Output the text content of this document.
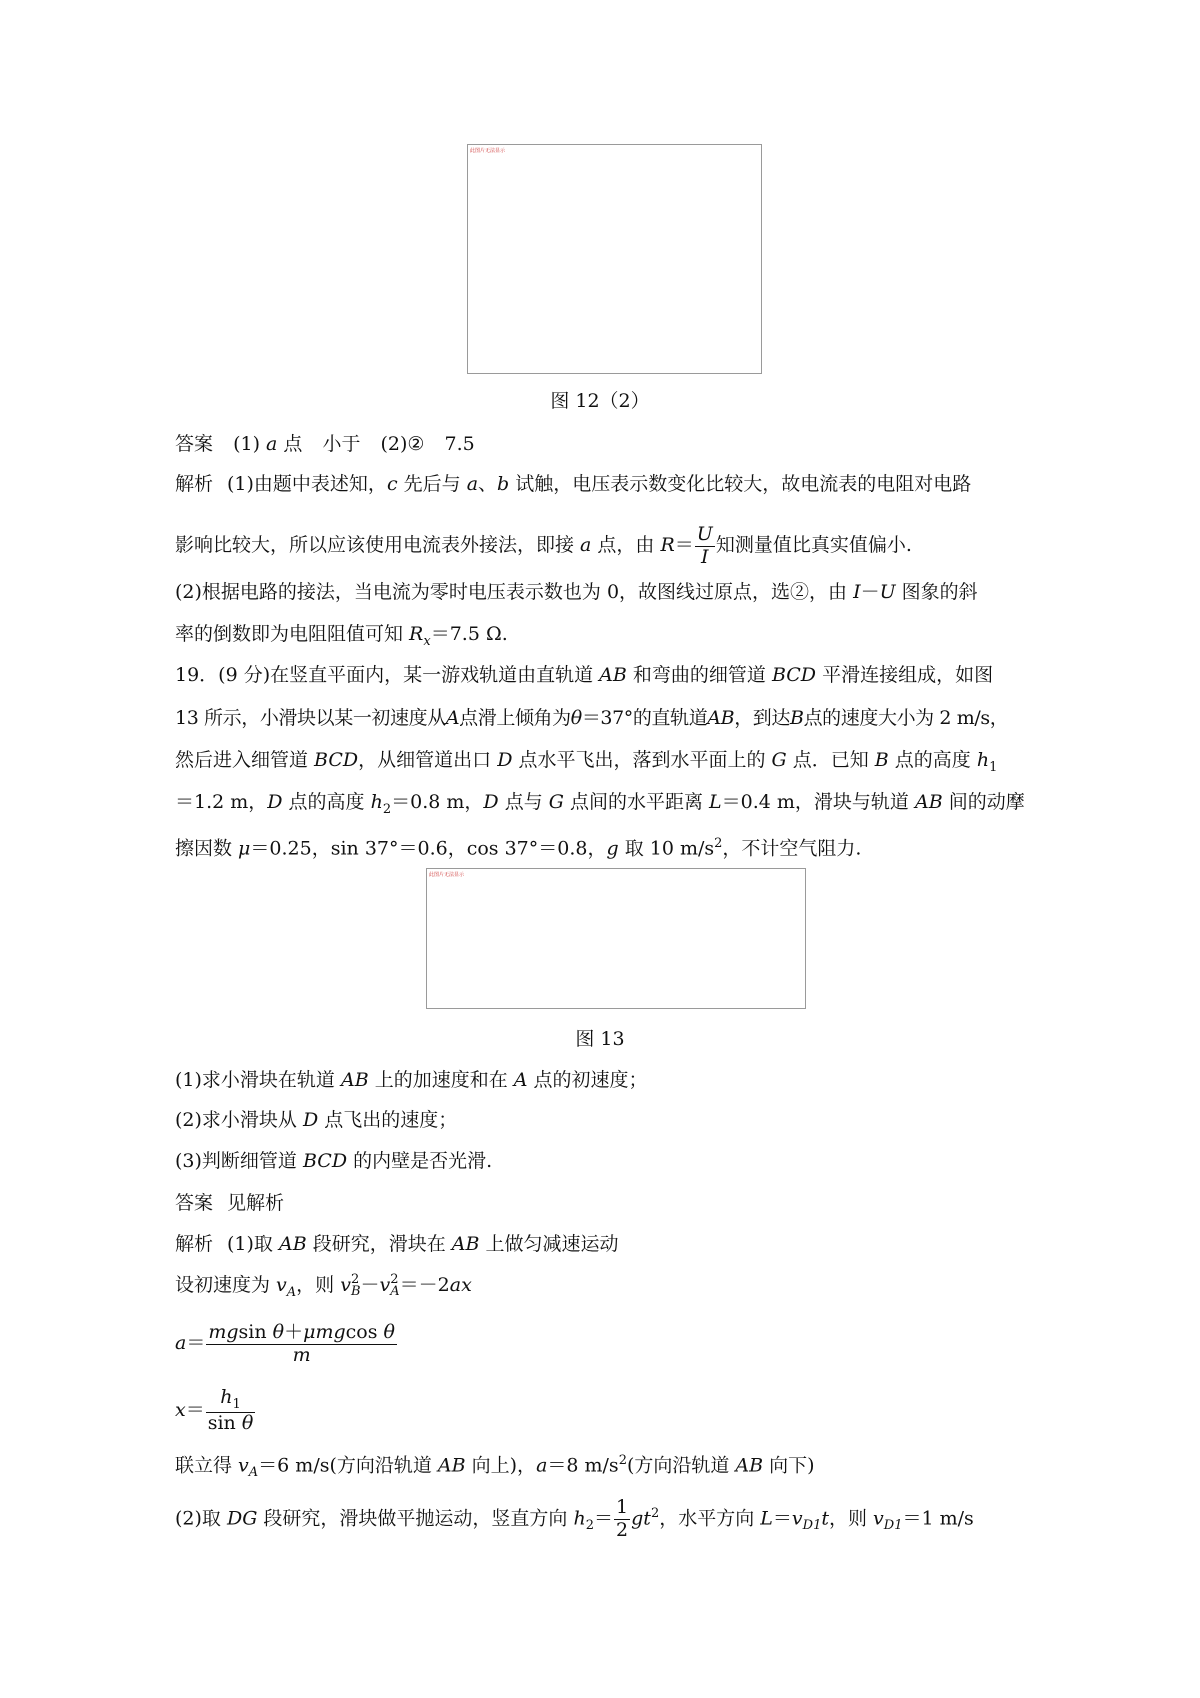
此图片无法显示
图 12（2）
答案 (1) a 点 小于 (2)② 7.5
解析 (1)由题中表述知，c 先后与 a、b 试触，电压表示数变化比较大，故电流表的电阻对电路
影响比较大，所以应该使用电流表外接法，即接 a 点，由 $R= \frac{U}{I}$ 知测量值比真实值偏小.
(2)根据电路的接法，当电流为零时电压表示数也为 0，故图线过原点，选②，由 I－U 图象的斜
率的倒数即为电阻阻值可知 $R_x=7.5$ Ω.
19．(9 分)在竖直平面内，某一游戏轨道由直轨道 AB 和弯曲的细管道 BCD 平滑连接组成，如图
13 所示，小滑块以某一初速度从A点滑上倾角为θ＝37°的直轨道AB，到达B点的速度大小为 2 m/s，
然后进入细管道 BCD，从细管道出口 D 点水平飞出，落到水平面上的 G 点．已知 B 点的高度 $h_1$
＝1.2 m，D 点的高度 $h_2=0.8$ m，D 点与 G 点间的水平距离 L＝0.4 m，滑块与轨道 AB 间的动摩
擦因数 μ＝0.25，sin 37°＝0.6，cos 37°＝0.8，g 取 10 $m/s^2$，不计空气阻力.
此图片无法显示
图 13
(1)求小滑块在轨道 AB 上的加速度和在 A 点的初速度；
(2)求小滑块从 D 点飞出的速度；
(3)判断细管道 BCD 的内壁是否光滑.
答案 见解析
解析 (1)取 AB 段研究，滑块在 AB 上做匀减速运动
设初速度为 $v_A$，则 v 2
B－v 2
A＝－2ax
$a= \frac{\text{mgsin θ＋μmgcos θ}}{m}$
$x= \frac{h_1}{\text{sin θ}}$
联立得 $v_A=6$ m/s(方向沿轨道 AB 向上)，a＝8 $m/s^2$(方向沿轨道 AB 向下)
(2)取 DG 段研究，滑块做平抛运动，竖直方向 $h_2= \frac{1}{2} gt^2$，水平方向 $L=v_{D1}t$，则 $v_{D1}=1$ m/s
